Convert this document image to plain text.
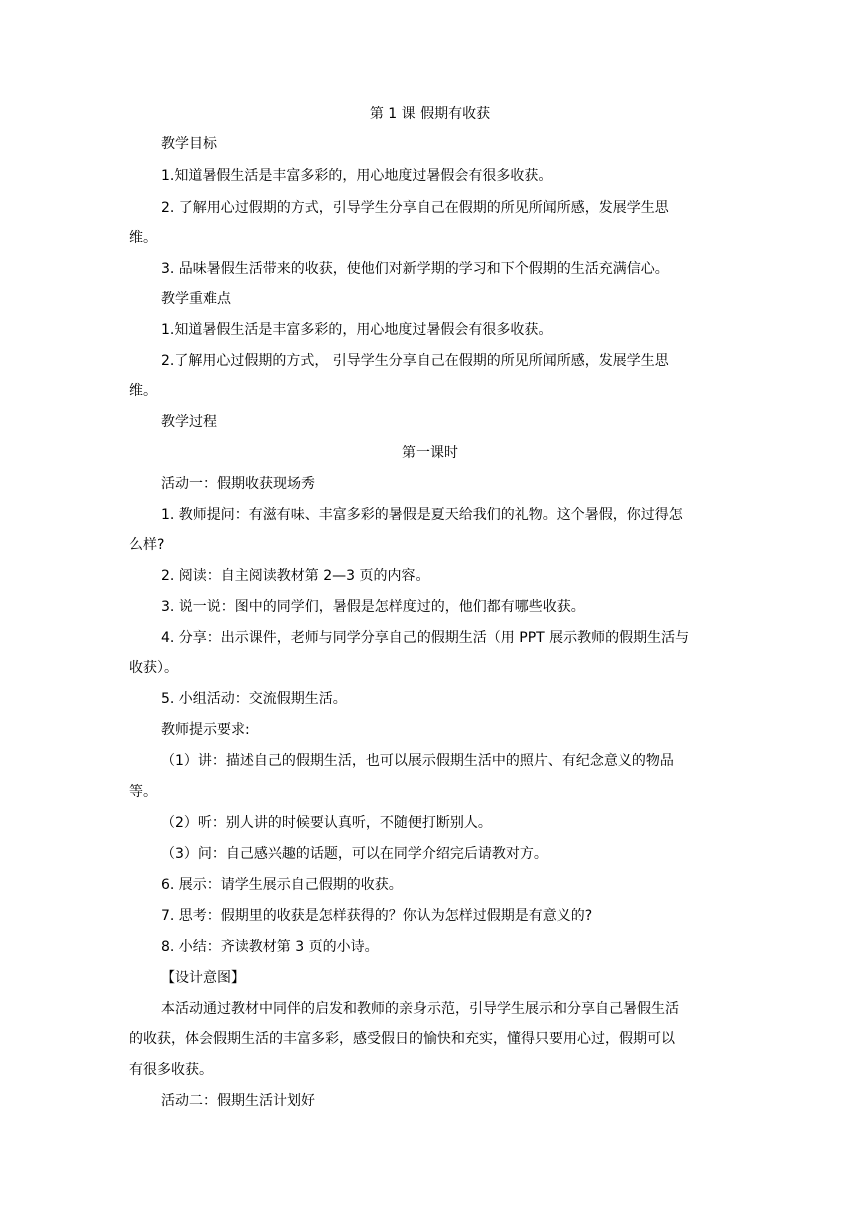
第 1 课 假期有收获
教学目标
1.知道暑假生活是丰富多彩的，用心地度过暑假会有很多收获。
2. 了解用心过假期的方式，引导学生分享自己在假期的所见所闻所感，发展学生思
维。
3. 品味暑假生活带来的收获，使他们对新学期的学习和下个假期的生活充满信心。
教学重难点
1.知道暑假生活是丰富多彩的，用心地度过暑假会有很多收获。
2.了解用心过假期的方式， 引导学生分享自己在假期的所见所闻所感，发展学生思
维。
教学过程
第一课时
活动一：假期收获现场秀
1. 教师提问：有滋有味、丰富多彩的暑假是夏天给我们的礼物。这个暑假，你过得怎
么样?
2. 阅读：自主阅读教材第 2—3 页的内容。
3. 说一说：图中的同学们，暑假是怎样度过的，他们都有哪些收获。
4. 分享：出示课件，老师与同学分享自己的假期生活（用 PPT 展示教师的假期生活与
收获）。
5. 小组活动：交流假期生活。
教师提示要求:
（1）讲：描述自己的假期生活，也可以展示假期生活中的照片、有纪念意义的物品
等。
（2）听：别人讲的时候要认真听，不随便打断别人。
（3）问：自己感兴趣的话题，可以在同学介绍完后请教对方。
6. 展示：请学生展示自己假期的收获。
7. 思考：假期里的收获是怎样获得的？你认为怎样过假期是有意义的?
8. 小结：齐读教材第 3 页的小诗。
【设计意图】
本活动通过教材中同伴的启发和教师的亲身示范，引导学生展示和分享自己暑假生活
的收获，体会假期生活的丰富多彩，感受假日的愉快和充实，懂得只要用心过，假期可以
有很多收获。
活动二：假期生活计划好
